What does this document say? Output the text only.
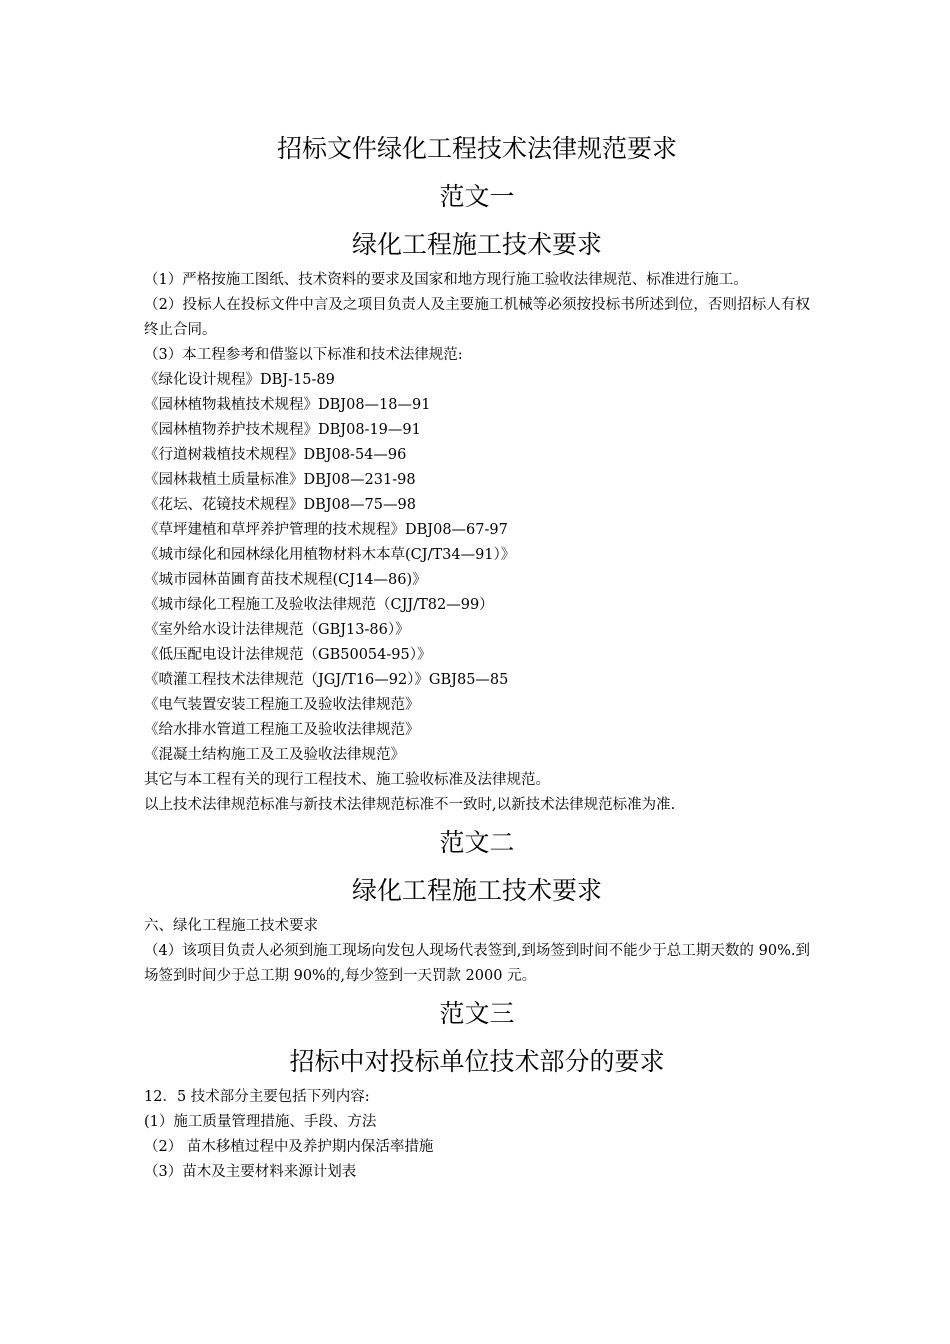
招标文件绿化工程技术法律规范要求
范文一
绿化工程施工技术要求

（1）严格按施工图纸、技术资料的要求及国家和地方现行施工验收法律规范、标准进行施工。

（2）投标人在投标文件中言及之项目负责人及主要施工机械等必须按投标书所述到位，否则招标人有权终止合同。

（3）本工程参考和借鉴以下标准和技术法律规范:

《绿化设计规程》DBJ-15-89

《园林植物栽植技术规程》DBJ08—18—91

《园林植物养护技术规程》DBJ08-19—91

《行道树栽植技术规程》DBJ08-54—96

《园林栽植土质量标准》DBJ08—231-98

《花坛、花镜技术规程》DBJ08—75—98

《草坪建植和草坪养护管理的技术规程》DBJ08—67-97

《城市绿化和园林绿化用植物材料木本草(CJ/T34—91）》

《城市园林苗圃育苗技术规程(CJ14—86)》

《城市绿化工程施工及验收法律规范（CJJ/T82—99）

《室外给水设计法律规范（GBJ13-86）》

《低压配电设计法律规范（GB50054-95）》

《喷灌工程技术法律规范（JGJ/T16—92）》GBJ85—85

《电气装置安装工程施工及验收法律规范》

《给水排水管道工程施工及验收法律规范》

《混凝土结构施工及工及验收法律规范》

其它与本工程有关的现行工程技术、施工验收标准及法律规范。

以上技术法律规范标准与新技术法律规范标准不一致时,以新技术法律规范标准为准.

范文二
绿化工程施工技术要求

六、绿化工程施工技术要求

（4）该项目负责人必须到施工现场向发包人现场代表签到,到场签到时间不能少于总工期天数的 90%.到场签到时间少于总工期 90%的,每少签到一天罚款 2000 元。

范文三
招标中对投标单位技术部分的要求

12．5 技术部分主要包括下列内容:

(1）施工质量管理措施、手段、方法

（2） 苗木移植过程中及养护期内保活率措施

（3）苗木及主要材料来源计划表
